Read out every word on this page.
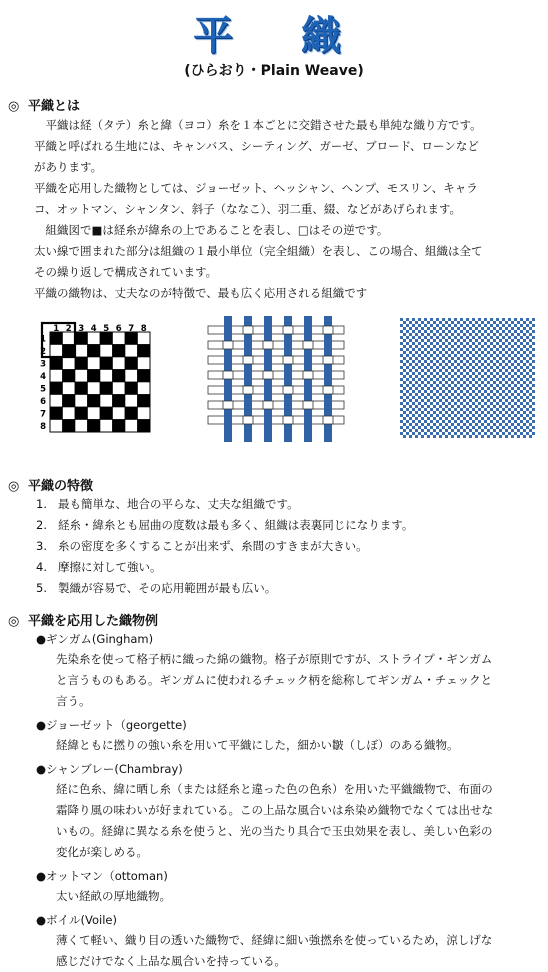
平　織
(ひらおり・Plain Weave)
◎ 平織とは
　平織は経（タテ）糸と緯（ヨコ）糸を１本ごとに交錯させた最も単純な織り方です。
平織と呼ばれる生地には、キャンバス、シーティング、ガーゼ、ブロード、ローンなど
があります。
平織を応用した織物としては、ジョーゼット、ヘッシャン、ヘンプ、モスリン、キャラ
コ、オットマン、シャンタン、斜子（ななこ）、羽二重、綴、などがあげられます。
　組織図で■は経糸が緯糸の上であることを表し、□はその逆です。
太い線で囲まれた部分は組織の１最小単位（完全組織）を表し、この場合、組織は全て
その繰り返しで構成されています。
平織の織物は、丈夫なのが特徴で、最も広く応用される組織です
1 2 3 4 5 6 7 8
1
2
3
4
5
6
7
8
◎ 平織の特徴
1. 最も簡単な、地合の平らな、丈夫な組織です。
2. 経糸・緯糸とも屈曲の度数は最も多く、組織は表裏同じになります。
3. 糸の密度を多くすることが出来ず、糸間のすきまが大きい。
4. 摩擦に対して強い。
5. 製織が容易で、その応用範囲が最も広い。
◎ 平織を応用した織物例
●ギンガム(Gingham)
先染糸を使って格子柄に織った綿の織物。格子が原則ですが、ストライプ・ギンガム
と言うものもある。ギンガムに使われるチェック柄を総称してギンガム・チェックと
言う。
●ジョーゼット（georgette)
経緯ともに撚りの強い糸を用いて平織にした，細かい皺（しぼ）のある織物。
●シャンブレー(Chambray)
経に色糸、緯に晒し糸（または経糸と違った色の色糸）を用いた平織織物で、布面の
霜降り風の味わいが好まれている。この上品な風合いは糸染め織物でなくては出せな
いもの。経緯に異なる糸を使うと、光の当たり具合で玉虫効果を表し、美しい色彩の
変化が楽しめる。
●オットマン（ottoman)
太い経畝の厚地織物。
●ボイル(Voile)
薄くて軽い、織り目の透いた織物で、経緯に細い強撚糸を使っているため，涼しげな
感じだけでなく上品な風合いを持っている。
